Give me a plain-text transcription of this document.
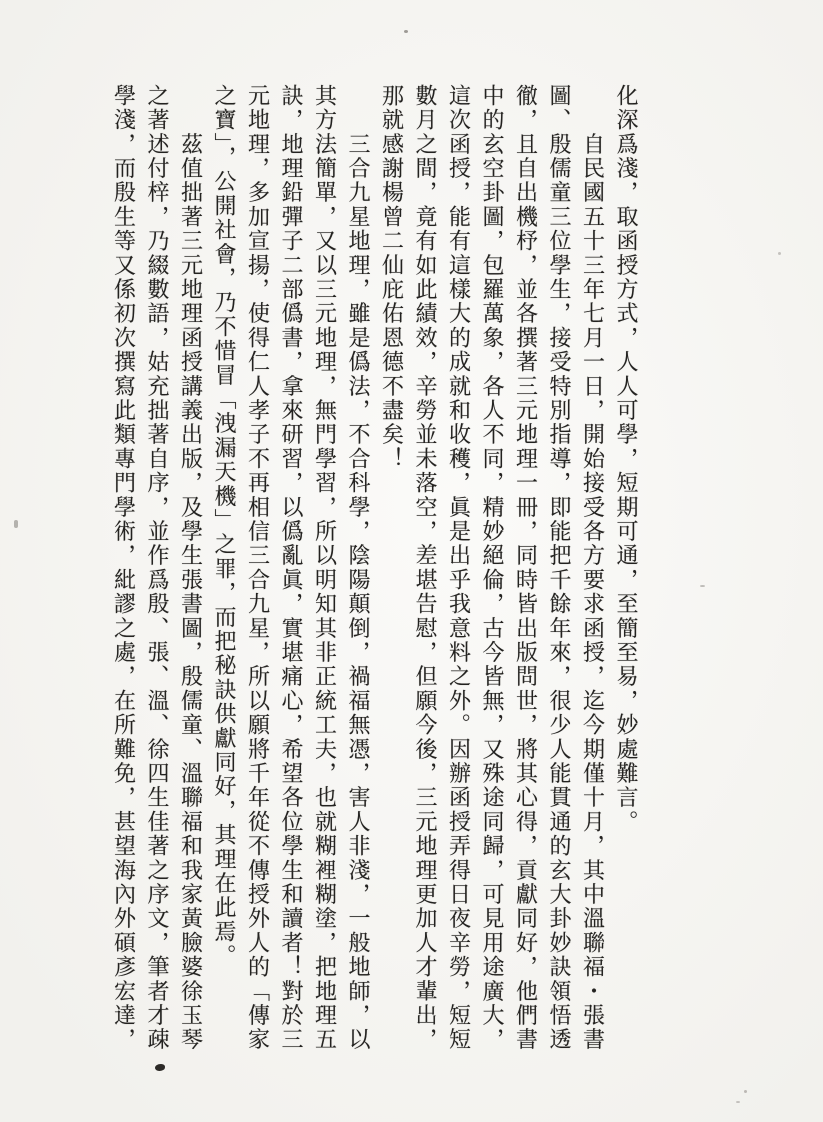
化深爲淺，取函授方式，人人可學，短期可通，至簡至易，妙處難言。
　　自民國五十三年七月一日，開始接受各方要求函授，迄今期僅十月，其中溫聯福・張書
圖、殷儒童三位學生，接受特別指導，即能把千餘年來，很少人能貫通的玄大卦妙訣領悟透
徹，且自出機杼，並各撰著三元地理一冊，同時皆出版問世，將其心得，貢獻同好，他們書
中的玄空卦圖，包羅萬象，各人不同，精妙絕倫，古今皆無，又殊途同歸，可見用途廣大，
這次函授，能有這樣大的成就和收穫，眞是出乎我意料之外。因辦函授弄得日夜辛勞，短短
數月之間，竟有如此績效，辛勞並未落空，差堪告慰，但願今後，三元地理更加人才輩出，
那就感謝楊曾二仙庇佑恩德不盡矣！
　　三合九星地理，雖是僞法，不合科學，陰陽顛倒，禍福無憑，害人非淺，一般地師，以
其方法簡單，又以三元地理，無門學習，所以明知其非正統工夫，也就糊裡糊塗，把地理五
訣，地理鉛彈子二部僞書，拿來研習，以僞亂眞，實堪痛心，希望各位學生和讀者！對於三
元地理，多加宣揚，使得仁人孝子不再相信三合九星，所以願將千年從不傳授外人的「傳家
之寶」，公開社會，乃不惜冒「洩漏天機」之罪，而把秘訣供獻同好，其理在此焉。
　　茲值拙著三元地理函授講義出版，及學生張書圖，殷儒童、溫聯福和我家黃臉婆徐玉琴
之著述付梓，乃綴數語，姑充拙著自序，並作爲殷、張、溫、徐四生佳著之序文，筆者才疎
學淺，而殷生等又係初次撰寫此類專門學術，紕謬之處，在所難免，甚望海內外碩彥宏達，
